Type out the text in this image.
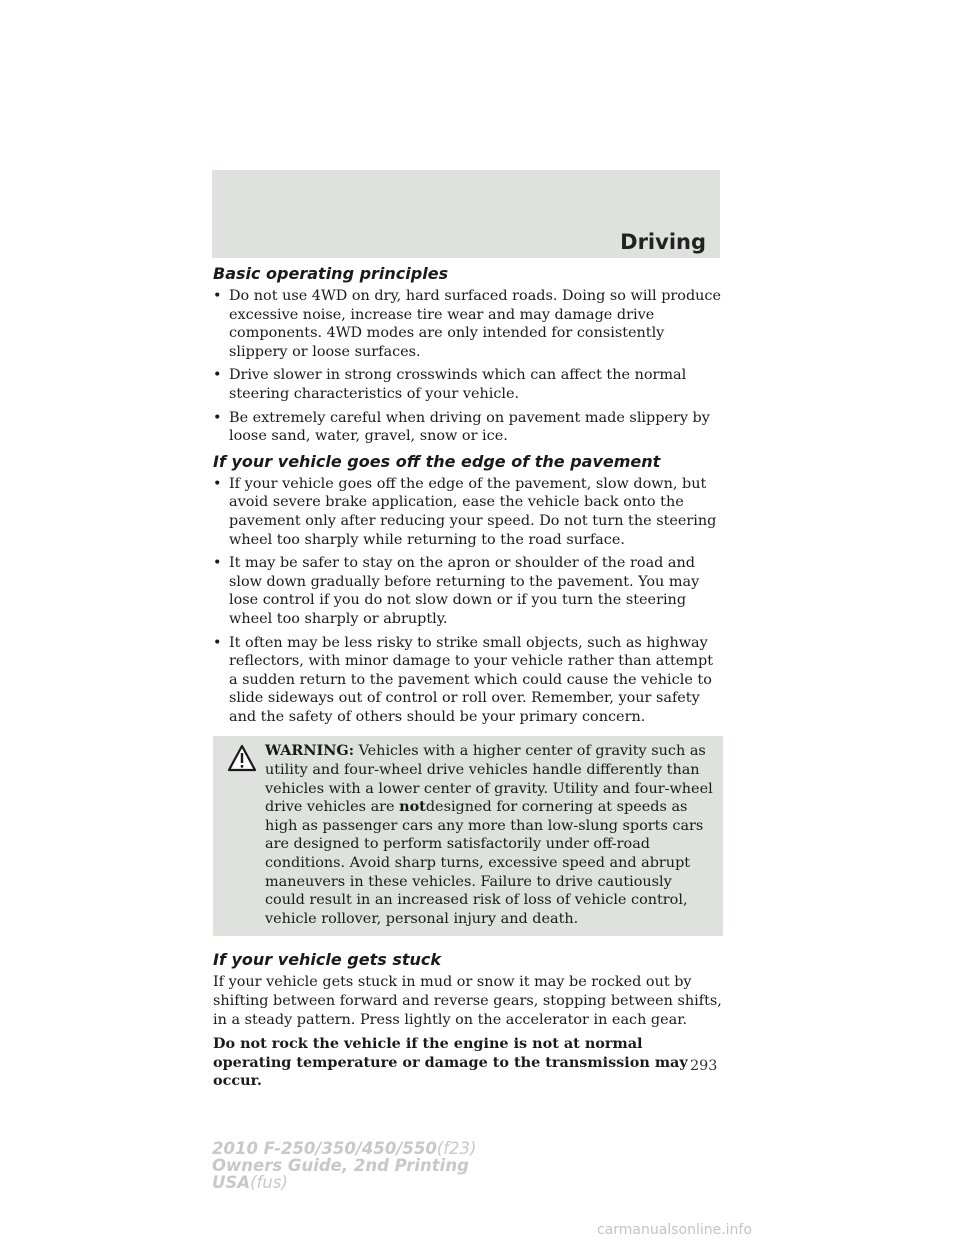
Driving
Basic operating principles
• Do not use 4WD on dry, hard surfaced roads. Doing so will produce excessive noise, increase tire wear and may damage drive components. 4WD modes are only intended for consistently slippery or loose surfaces.
• Drive slower in strong crosswinds which can affect the normal steering characteristics of your vehicle.
• Be extremely careful when driving on pavement made slippery by loose sand, water, gravel, snow or ice.
If your vehicle goes off the edge of the pavement
• If your vehicle goes off the edge of the pavement, slow down, but avoid severe brake application, ease the vehicle back onto the pavement only after reducing your speed. Do not turn the steering wheel too sharply while returning to the road surface.
• It may be safer to stay on the apron or shoulder of the road and slow down gradually before returning to the pavement. You may lose control if you do not slow down or if you turn the steering wheel too sharply or abruptly.
• It often may be less risky to strike small objects, such as highway reflectors, with minor damage to your vehicle rather than attempt a sudden return to the pavement which could cause the vehicle to slide sideways out of control or roll over. Remember, your safety and the safety of others should be your primary concern.

WARNING: Vehicles with a higher center of gravity such as utility and four-wheel drive vehicles handle differently than vehicles with a lower center of gravity. Utility and four-wheel drive vehicles are notdesigned for cornering at speeds as high as passenger cars any more than low-slung sports cars are designed to perform satisfactorily under off-road conditions. Avoid sharp turns, excessive speed and abrupt maneuvers in these vehicles. Failure to drive cautiously could result in an increased risk of loss of vehicle control, vehicle rollover, personal injury and death.

If your vehicle gets stuck

If your vehicle gets stuck in mud or snow it may be rocked out by shifting between forward and reverse gears, stopping between shifts, in a steady pattern. Press lightly on the accelerator in each gear.

Do not rock the vehicle if the engine is not at normal operating temperature or damage to the transmission may occur.

293
2010 F-250/350/450/550(f23)
Owners Guide, 2nd Printing
USA(fus)
carmanualsonline.info
